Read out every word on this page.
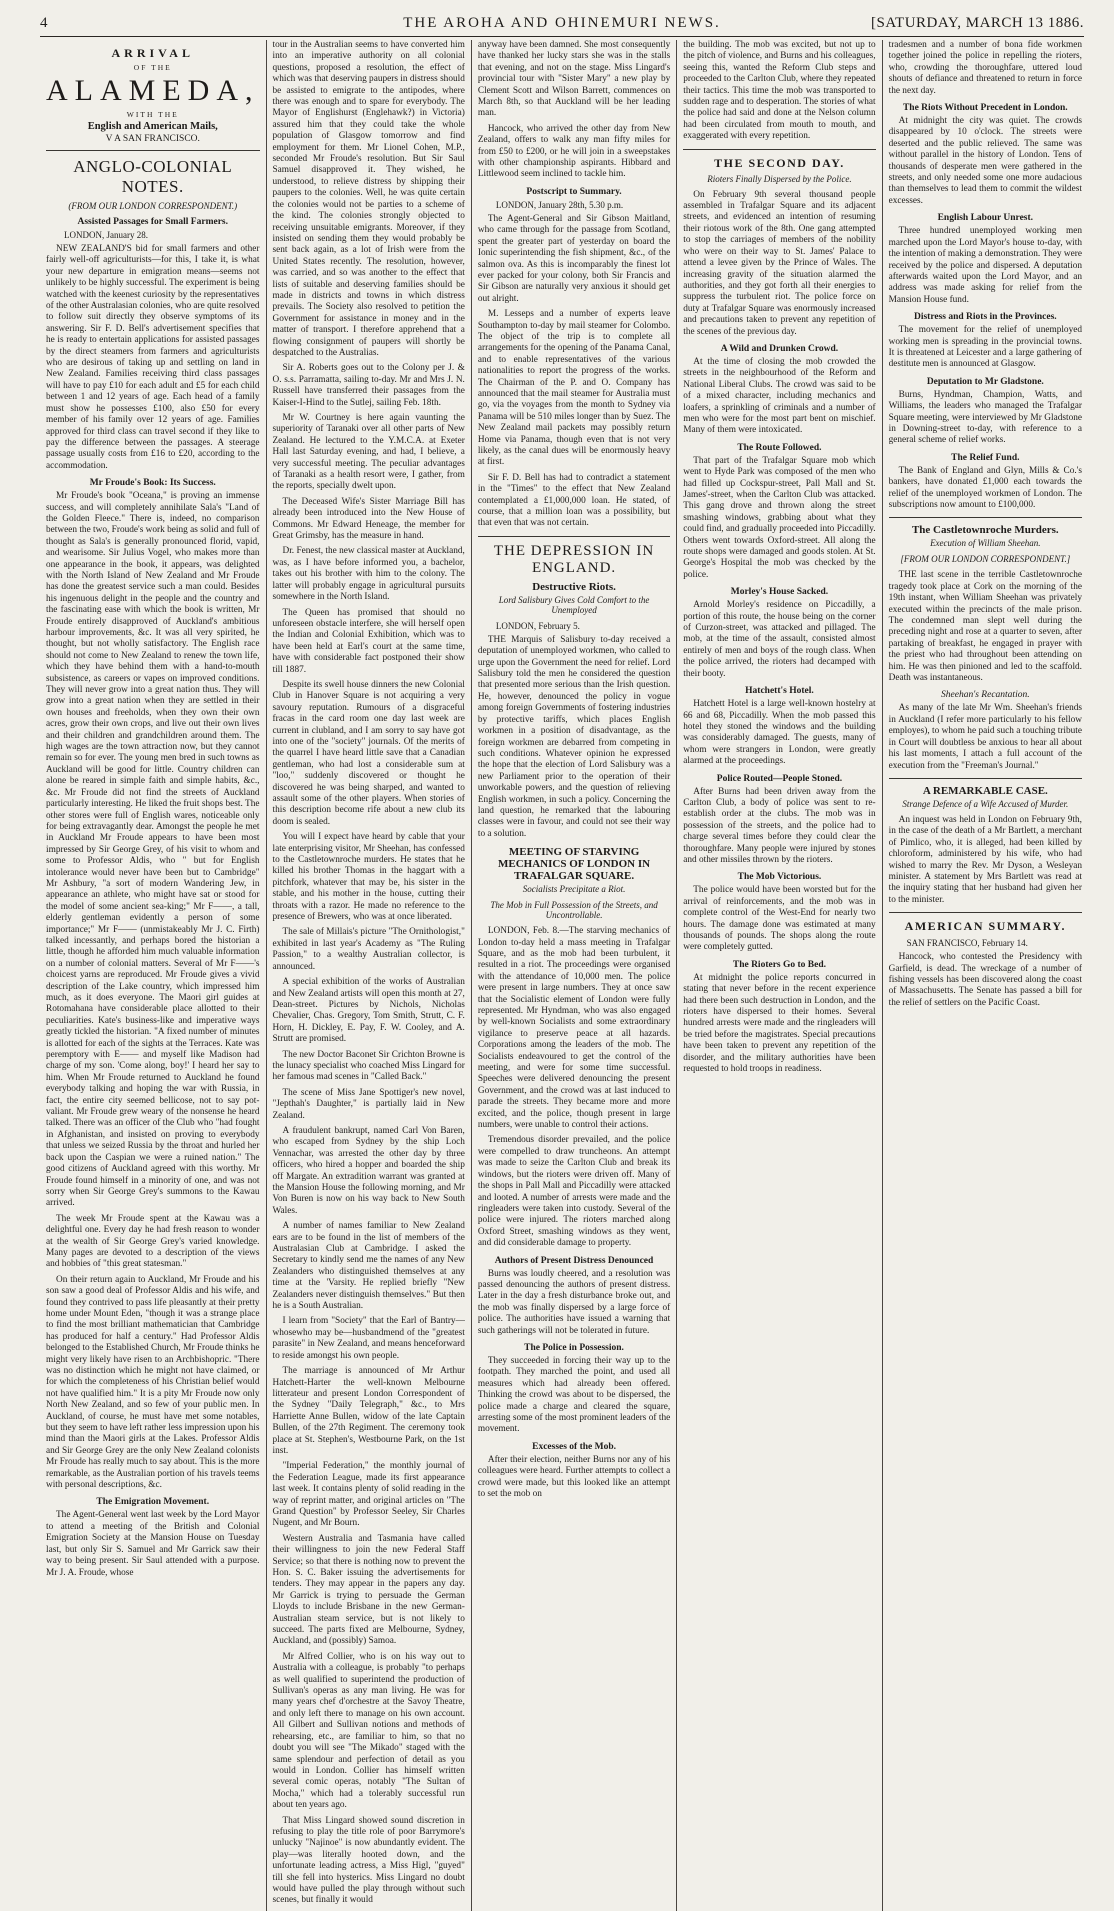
4	THE AROHA AND OHINEMURI NEWS.	[SATURDAY, MARCH 13 1886.
ARRIVAL
OF THE
ALAMEDA,
WITH THE
English and American Mails,
V A SAN FRANCISCO.
ANGLO-COLONIAL NOTES.
(FROM OUR LONDON CORRESPONDENT.)
Assisted Passages for Small Farmers.
LONDON, January 28.

NEW ZEALAND'S bid for small farmers and other fairly well-off agriculturists—for this, I take it, is what your new departure in emigration means—seems not unlikely to be highly successful. The experiment is being watched with the keenest curiosity by the representatives of the other Australasian colonies, who are quite resolved to follow suit directly they observe symptoms of its answering. Sir F. D. Bell's advertisement specifies that he is ready to entertain applications for assisted passages by the direct steamers from farmers and agriculturists who are desirous of taking up and settling on land in New Zealand. Families receiving third class passages will have to pay £10 for each adult and £5 for each child between 1 and 12 years of age. Each head of a family must show he possesses £100, also £50 for every member of his family over 12 years of age. Families approved for third class can travel second if they like to pay the difference between the passages. A steerage passage usually costs from £16 to £20, according to the accommodation.

Mr Froude's Book: Its Success.

Mr Froude's book "Oceana," is proving an immense success, and will completely annihilate Sala's "Land of the Golden Fleece." There is, indeed, no comparison between the two, Froude's work being as solid and full of thought as Sala's is generally pronounced florid, vapid, and wearisome. Sir Julius Vogel, who makes more than one appearance in the book, it appears, was delighted with the North Island of New Zealand and Mr Froude has done the greatest service such a man could. Besides his ingenuous delight in the people and the country and the fascinating ease with which the book is written, Mr Froude entirely disapproved of Auckland's ambitious harbour improvements, &c. It was all very spirited, he thought, but not wholly satisfactory. The English race should not come to New Zealand to renew the town life, which they have behind them with a hand-to-mouth subsistence, as careers or vapes on improved conditions. They will never grow into a great nation thus. They will grow into a great nation when they are settled in their own houses and freeholds, when they own their own acres, grow their own crops, and live out their own lives and their children and grandchildren around them. The high wages are the town attraction now, but they cannot remain so for ever. The young men bred in such towns as Auckland will be good for little. Country children can alone be reared in simple faith and simple habits, &c., &c. Mr Froude did not find the streets of Auckland particularly interesting. He liked the fruit shops best. The other stores were full of English wares, noticeable only for being extravagantly dear. Amongst the people he met in Auckland Mr Froude appears to have been most impressed by Sir George Grey, of his visit to whom and some to Professor Aldis, who " but for English intolerance would never have been but to Cambridge" Mr Ashbury, "a sort of modern Wandering Jew, in appearance an athlete, who might have sat or stood for the model of some ancient sea-king;" Mr F——, a tall, elderly gentleman evidently a person of some importance;" Mr F—— (unmistakeably Mr J. C. Firth) talked incessantly, and perhaps bored the historian a little, though he afforded him much valuable information on a number of colonial matters. Several of Mr F——'s choicest yarns are reproduced. Mr Froude gives a vivid description of the Lake country, which impressed him much, as it does everyone. The Maori girl guides at Rotomahana have considerable place allotted to their peculiarities. Kate's business-like and imperative ways greatly tickled the historian. "A fixed number of minutes is allotted for each of the sights at the Terraces. Kate was peremptory with E—— and myself like Madison had charge of my son. 'Come along, boy!' I heard her say to him. When Mr Froude returned to Auckland he found everybody talking and hoping the war with Russia, in fact, the entire city seemed bellicose, not to say pot-valiant. Mr Froude grew weary of the nonsense he heard talked. There was an officer of the Club who "had fought in Afghanistan, and insisted on proving to everybody that unless we seized Russia by the throat and hurled her back upon the Caspian we were a ruined nation." The good citizens of Auckland agreed with this worthy. Mr Froude found himself in a minority of one, and was not sorry when Sir George Grey's summons to the Kawau arrived.

The week Mr Froude spent at the Kawau was a delightful one. Every day he had fresh reason to wonder at the wealth of Sir George Grey's varied knowledge. Many pages are devoted to a description of the views and hobbies of "this great statesman."

On their return again to Auckland, Mr Froude and his son saw a good deal of Professor Aldis and his wife, and found they contrived to pass life pleasantly at their pretty home under Mount Eden, "though it was a strange place to find the most brilliant mathematician that Cambridge has produced for half a century." Had Professor Aldis belonged to the Established Church, Mr Froude thinks he might very likely have risen to an Archbishopric. "There was no distinction which he might not have claimed, or for which the completeness of his Christian belief would not have qualified him." It is a pity Mr Froude now only North New Zealand, and so few of your public men. In Auckland, of course, he must have met some notables, but they seem to have left rather less impression upon his mind than the Maori girls at the Lakes. Professor Aldis and Sir George Grey are the only New Zealand colonists Mr Froude has really much to say about. This is the more remarkable, as the Australian portion of his travels teems with personal descriptions, &c.

The Emigration Movement.

The Agent-General went last week by the Lord Mayor to attend a meeting of the British and Colonial Emigration Society at the Mansion House on Tuesday last, but only Sir S. Samuel and Mr Garrick saw their way to being present. Sir Saul attended with a purpose. Mr J. A. Froude, whose

tour in the Australian seems to have converted him into an imperative authority on all colonial questions, proposed a resolution, the effect of which was that deserving paupers in distress should be assisted to emigrate to the antipodes, where there was enough and to spare for everybody. The Mayor of Englishurst (Englehawk?) in Victoria) assured him that they could take the whole population of Glasgow tomorrow and find employment for them. Mr Lionel Cohen, M.P., seconded Mr Froude's resolution. But Sir Saul Samuel disapproved it. They wished, he understood, to relieve distress by shipping their paupers to the colonies. Well, he was quite certain the colonies would not be parties to a scheme of the kind. The colonies strongly objected to receiving unsuitable emigrants. Moreover, if they insisted on sending them they would probably be sent back again, as a lot of Irish were from the United States recently. The resolution, however, was carried, and so was another to the effect that lists of suitable and deserving families should be made in districts and towns in which distress prevails. The Society also resolved to petition the Government for assistance in money and in the matter of transport. I therefore apprehend that a flowing consignment of paupers will shortly be despatched to the Australias.

Sir A. Roberts goes out to the Colony per J. & O. s.s. Parramatta, sailing to-day. Mr and Mrs J. N. Russell have transferred their passages from the Kaiser-I-Hind to the Sutlej, sailing Feb. 18th.

Mr W. Courtney is here again vaunting the superiority of Taranaki over all other parts of New Zealand. He lectured to the Y.M.C.A. at Exeter Hall last Saturday evening, and had, I believe, a very successful meeting. The peculiar advantages of Taranaki as a health resort were, I gather, from the reports, specially dwelt upon.

The Deceased Wife's Sister Marriage Bill has already been introduced into the New House of Commons. Mr Edward Heneage, the member for Great Grimsby, has the measure in hand.

Dr. Fenest, the new classical master at Auckland, was, as I have before informed you, a bachelor, takes out his brother with him to the colony. The latter will probably engage in agricultural pursuits somewhere in the North Island.

The Queen has promised that should no unforeseen obstacle interfere, she will herself open the Indian and Colonial Exhibition, which was to have been held at Earl's court at the same time, have with considerable fact postponed their show till 1887.

Despite its swell house dinners the new Colonial Club in Hanover Square is not acquiring a very savoury reputation. Rumours of a disgraceful fracas in the card room one day last week are current in clubland, and I am sorry to say have got into one of the "society" journals. Of the merits of the quarrel I have heard little save that a Canadian gentleman, who had lost a considerable sum at "loo," suddenly discovered or thought he discovered he was being sharped, and wanted to assault some of the other players. When stories of this description become rife about a new club its doom is sealed.

You will I expect have heard by cable that your late enterprising visitor, Mr Sheehan, has confessed to the Castletownroche murders. He states that he killed his brother Thomas in the haggart with a pitchfork, whatever that may be, his sister in the stable, and his mother in the house, cutting their throats with a razor. He made no reference to the presence of Brewers, who was at once liberated.

The sale of Millais's picture "The Ornithologist," exhibited in last year's Academy as "The Ruling Passion," to a wealthy Australian collector, is announced.

A special exhibition of the works of Australian and New Zealand artists will open this month at 27, Dean-street. Pictures by Nichols, Nicholas Chevalier, Chas. Gregory, Tom Smith, Strutt, C. F. Horn, H. Dickley, E. Pay, F. W. Cooley, and A. Strutt are promised.

The new Doctor Baconet Sir Crichton Browne is the lunacy specialist who coached Miss Lingard for her famous mad scenes in "Called Back."

The scene of Miss Jane Spottiger's new novel, "Jepthah's Daughter," is partially laid in New Zealand.

A fraudulent bankrupt, named Carl Von Baren, who escaped from Sydney by the ship Loch Vennachar, was arrested the other day by three officers, who hired a hopper and boarded the ship off Margate. An extradition warrant was granted at the Mansion House the following morning, and Mr Von Buren is now on his way back to New South Wales.

A number of names familiar to New Zealand ears are to be found in the list of members of the Australasian Club at Cambridge. I asked the Secretary to kindly send me the names of any New Zealanders who distinguished themselves at any time at the 'Varsity. He replied briefly "New Zealanders never distinguish themselves." But then he is a South Australian.

I learn from "Society" that the Earl of Bantry—whosewho may be—husbandmend of the "greatest parasite" in New Zealand, and means henceforward to reside amongst his own people.

The marriage is announced of Mr Arthur Hatchett-Harter the well-known Melbourne litterateur and present London Correspondent of the Sydney "Daily Telegraph," &c., to Mrs Harriette Anne Bullen, widow of the late Captain Bullen, of the 27th Regiment. The ceremony took place at St. Stephen's, Westbourne Park, on the 1st inst.

"Imperial Federation," the monthly journal of the Federation League, made its first appearance last week. It contains plenty of solid reading in the way of reprint matter, and original articles on "The Grand Question" by Professor Seeley, Sir Charles Nugent, and Mr Bourn.

Western Australia and Tasmania have called their willingness to join the new Federal Staff Service; so that there is nothing now to prevent the Hon. S. C. Baker issuing the advertisements for tenders. They may appear in the papers any day. Mr Garrick is trying to persuade the German Lloyds to include Brisbane in the new German-Australian steam service, but is not likely to succeed. The parts fixed are Melbourne, Sydney, Auckland, and (possibly) Samoa.

Mr Alfred Collier, who is on his way out to Australia with a colleague, is probably "to perhaps as well qualified to superintend the production of Sullivan's operas as any man living. He was for many years chef d'orchestre at the Savoy Theatre, and only left there to manage on his own account. All Gilbert and Sullivan notions and methods of rehearsing, etc., are familiar to him, so that no doubt you will see "The Mikado" staged with the same splendour and perfection of detail as you would in London. Collier has himself written several comic operas, notably "The Sultan of Mocha," which had a tolerably successful run about ten years ago.

That Miss Lingard showed sound discretion in refusing to play the title role of poor Barrymore's unlucky "Najinoe" is now abundantly evident. The play—was literally hooted down, and the unfortunate leading actress, a Miss Higl, "guyed" till she fell into hysterics. Miss Lingard no doubt would have pulled the play through without such scenes, but finally it would

anyway have been damned. She most consequently have thanked her lucky stars she was in the stalls that evening, and not on the stage. Miss Lingard's provincial tour with "Sister Mary" a new play by Clement Scott and Wilson Barrett, commences on March 8th, so that Auckland will be her leading man.

Hancock, who arrived the other day from New Zealand, offers to walk any man fifty miles for from £50 to £200, or he will join in a sweepstakes with other championship aspirants. Hibbard and Littlewood seem inclined to tackle him.

Postscript to Summary.
LONDON, January 28th, 5.30 p.m.

The Agent-General and Sir Gibson Maitland, who came through for the passage from Scotland, spent the greater part of yesterday on board the Ionic superintending the fish shipment, &c., of the salmon ova. As this is incomparably the finest lot ever packed for your colony, both Sir Francis and Sir Gibson are naturally very anxious it should get out alright.

M. Lesseps and a number of experts leave Southampton to-day by mail steamer for Colombo. The object of the trip is to complete all arrangements for the opening of the Panama Canal, and to enable representatives of the various nationalities to report the progress of the works. The Chairman of the P. and O. Company has announced that the mail steamer for Australia must go, via the voyages from the month to Sydney via Panama will be 510 miles longer than by Suez. The New Zealand mail packets may possibly return Home via Panama, though even that is not very likely, as the canal dues will be enormously heavy at first.

Sir F. D. Bell has had to contradict a statement in the "Times" to the effect that New Zealand contemplated a £1,000,000 loan. He stated, of course, that a million loan was a possibility, but that even that was not certain.

THE DEPRESSION IN ENGLAND.
Destructive Riots.
Lord Salisbury Gives Cold Comfort to the Unemployed
LONDON, February 5.

THE Marquis of Salisbury to-day received a deputation of unemployed workmen, who called to urge upon the Government the need for relief. Lord Salisbury told the men he considered the question that presented more serious than the Irish question. He, however, denounced the policy in vogue among foreign Governments of fostering industries by protective tariffs, which places English workmen in a position of disadvantage, as the foreign workmen are debarred from competing in such conditions. Whatever opinion he expressed the hope that the election of Lord Salisbury was a new Parliament prior to the operation of their unworkable powers, and the question of relieving English workmen, in such a policy. Concerning the land question, he remarked that the labouring classes were in favour, and could not see their way to a solution.

MEETING OF STARVING MECHANICS OF LONDON IN TRAFALGAR SQUARE.
Socialists Precipitate a Riot.
The Mob in Full Possession of the Streets, and Uncontrollable.

LONDON, Feb. 8.—The starving mechanics of London to-day held a mass meeting in Trafalgar Square, and as the mob had been turbulent, it resulted in a riot. The proceedings were organised with the attendance of 10,000 men. The police were present in large numbers. They at once saw that the Socialistic element of London were fully represented. Mr Hyndman, who was also engaged by well-known Socialists and some extraordinary vigilance to preserve peace at all hazards. Corporations among the leaders of the mob. The Socialists endeavoured to get the control of the meeting, and were for some time successful. Speeches were delivered denouncing the present Government, and the crowd was at last induced to parade the streets. They became more and more excited, and the police, though present in large numbers, were unable to control their actions.

Tremendous disorder prevailed, and the police were compelled to draw truncheons. An attempt was made to seize the Carlton Club and break its windows, but the rioters were driven off. Many of the shops in Pall Mall and Piccadilly were attacked and looted. A number of arrests were made and the ringleaders were taken into custody. Several of the police were injured. The rioters marched along Oxford Street, smashing windows as they went, and did considerable damage to property.

Authors of Present Distress Denounced

Burns was loudly cheered, and a resolution was passed denouncing the authors of present distress. Later in the day a fresh disturbance broke out, and the mob was finally dispersed by a large force of police. The authorities have issued a warning that such gatherings will not be tolerated in future.

The Police in Possession.

They succeeded in forcing their way up to the footpath. They marched the point, and used all measures which had already been offered. Thinking the crowd was about to be dispersed, the police made a charge and cleared the square, arresting some of the most prominent leaders of the movement.

Excesses of the Mob.

After their election, neither Burns nor any of his colleagues were heard. Further attempts to collect a crowd were made, but this looked like an attempt to set the mob on

the building. The mob was excited, but not up to the pitch of violence, and Burns and his colleagues, seeing this, wanted the Reform Club steps and proceeded to the Carlton Club, where they repeated their tactics. This time the mob was transported to sudden rage and to desperation. The stories of what the police had said and done at the Nelson column had been circulated from mouth to mouth, and exaggerated with every repetition.

THE SECOND DAY.
Rioters Finally Dispersed by the Police.

On February 9th several thousand people assembled in Trafalgar Square and its adjacent streets, and evidenced an intention of resuming their riotous work of the 8th. One gang attempted to stop the carriages of members of the nobility who were on their way to St. James' Palace to attend a levee given by the Prince of Wales. The increasing gravity of the situation alarmed the authorities, and they got forth all their energies to suppress the turbulent riot. The police force on duty at Trafalgar Square was enormously increased and precautions taken to prevent any repetition of the scenes of the previous day.

A Wild and Drunken Crowd.

At the time of closing the mob crowded the streets in the neighbourhood of the Reform and National Liberal Clubs. The crowd was said to be of a mixed character, including mechanics and loafers, a sprinkling of criminals and a number of men who were for the most part bent on mischief. Many of them were intoxicated.

The Route Followed.

That part of the Trafalgar Square mob which went to Hyde Park was composed of the men who had filled up Cockspur-street, Pall Mall and St. James'-street, when the Carlton Club was attacked. This gang drove and thrown along the street smashing windows, grabbing about what they could find, and gradually proceeded into Piccadilly. Others went towards Oxford-street. All along the route shops were damaged and goods stolen. At St. George's Hospital the mob was checked by the police.

Morley's House Sacked.

Arnold Morley's residence on Piccadilly, a portion of this route, the house being on the corner of Curzon-street, was attacked and pillaged. The mob, at the time of the assault, consisted almost entirely of men and boys of the rough class. When the police arrived, the rioters had decamped with their booty.

Hatchett's Hotel.

Hatchett Hotel is a large well-known hostelry at 66 and 68, Piccadilly. When the mob passed this hotel they stoned the windows and the building was considerably damaged. The guests, many of whom were strangers in London, were greatly alarmed at the proceedings.

Police Routed—People Stoned.

After Burns had been driven away from the Carlton Club, a body of police was sent to re-establish order at the clubs. The mob was in possession of the streets, and the police had to charge several times before they could clear the thoroughfare. Many people were injured by stones and other missiles thrown by the rioters.

The Mob Victorious.

The police would have been worsted but for the arrival of reinforcements, and the mob was in complete control of the West-End for nearly two hours. The damage done was estimated at many thousands of pounds. The shops along the route were completely gutted.

The Rioters Go to Bed.

At midnight the police reports concurred in stating that never before in the recent experience had there been such destruction in London, and the rioters have dispersed to their homes. Several hundred arrests were made and the ringleaders will be tried before the magistrates. Special precautions have been taken to prevent any repetition of the disorder, and the military authorities have been requested to hold troops in readiness.

tradesmen and a number of bona fide workmen together joined the police in repelling the rioters, who, crowding the thoroughfare, uttered loud shouts of defiance and threatened to return in force the next day.

The Riots Without Precedent in London.

At midnight the city was quiet. The crowds disappeared by 10 o'clock. The streets were deserted and the public relieved. The same was without parallel in the history of London. Tens of thousands of desperate men were gathered in the streets, and only needed some one more audacious than themselves to lead them to commit the wildest excesses.

English Labour Unrest.

Three hundred unemployed working men marched upon the Lord Mayor's house to-day, with the intention of making a demonstration. They were received by the police and dispersed. A deputation afterwards waited upon the Lord Mayor, and an address was made asking for relief from the Mansion House fund.

Distress and Riots in the Provinces.

The movement for the relief of unemployed working men is spreading in the provincial towns. It is threatened at Leicester and a large gathering of destitute men is announced at Glasgow.

Deputation to Mr Gladstone.

Burns, Hyndman, Champion, Watts, and Williams, the leaders who managed the Trafalgar Square meeting, were interviewed by Mr Gladstone in Downing-street to-day, with reference to a general scheme of relief works.

The Relief Fund.

The Bank of England and Glyn, Mills & Co.'s bankers, have donated £1,000 each towards the relief of the unemployed workmen of London. The subscriptions now amount to £100,000.

The Castletownroche Murders.
Execution of William Sheehan.
[FROM OUR LONDON CORRESPONDENT.]

THE last scene in the terrible Castletownroche tragedy took place at Cork on the morning of the 19th instant, when William Sheehan was privately executed within the precincts of the male prison. The condemned man slept well during the preceding night and rose at a quarter to seven, after partaking of breakfast, he engaged in prayer with the priest who had throughout been attending on him. He was then pinioned and led to the scaffold. Death was instantaneous.

Sheehan's Recantation.

As many of the late Mr Wm. Sheehan's friends in Auckland (I refer more particularly to his fellow employes), to whom he paid such a touching tribute in Court will doubtless be anxious to hear all about his last moments, I attach a full account of the execution from the "Freeman's Journal."

A REMARKABLE CASE.
Strange Defence of a Wife Accused of Murder.

An inquest was held in London on February 9th, in the case of the death of a Mr Bartlett, a merchant of Pimlico, who, it is alleged, had been killed by chloroform, administered by his wife, who had wished to marry the Rev. Mr Dyson, a Wesleyan minister. A statement by Mrs Bartlett was read at the inquiry stating that her husband had given her to the minister.

AMERICAN SUMMARY.
SAN FRANCISCO, February 14.

Hancock, who contested the Presidency with Garfield, is dead. The wreckage of a number of fishing vessels has been discovered along the coast of Massachusetts. The Senate has passed a bill for the relief of settlers on the Pacific Coast.
